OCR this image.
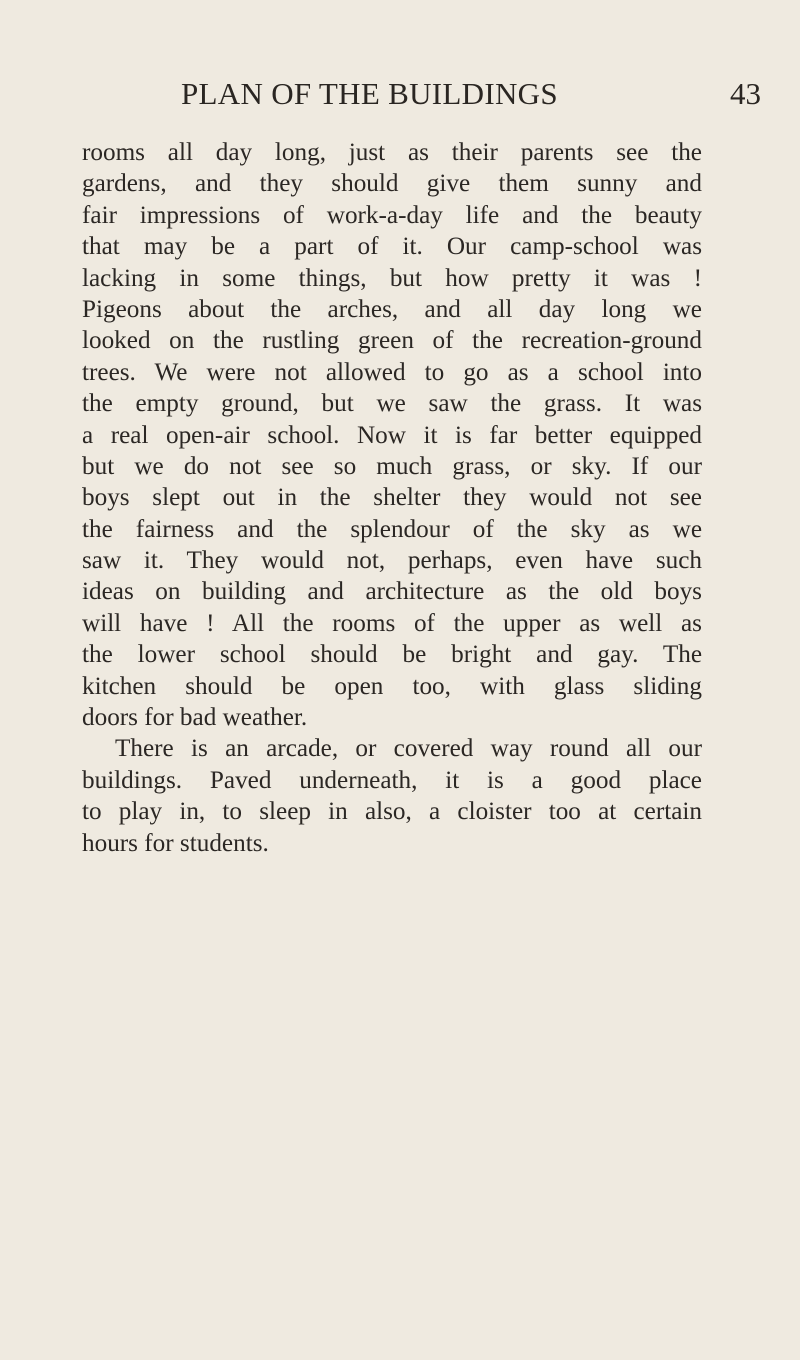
PLAN OF THE BUILDINGS	43
rooms all day long, just as their parents see the
gardens, and they should give them sunny and
fair impressions of work-a-day life and the beauty
that may be a part of it. Our camp-school was
lacking in some things, but how pretty it was !
Pigeons about the arches, and all day long we
looked on the rustling green of the recreation-ground
trees. We were not allowed to go as a school into
the empty ground, but we saw the grass. It was
a real open-air school. Now it is far better equipped
but we do not see so much grass, or sky. If our
boys slept out in the shelter they would not see
the fairness and the splendour of the sky as we
saw it. They would not, perhaps, even have such
ideas on building and architecture as the old boys
will have ! All the rooms of the upper as well as
the lower school should be bright and gay. The
kitchen should be open too, with glass sliding
doors for bad weather.
There is an arcade, or covered way round all our
buildings. Paved underneath, it is a good place
to play in, to sleep in also, a cloister too at certain
hours for students.
